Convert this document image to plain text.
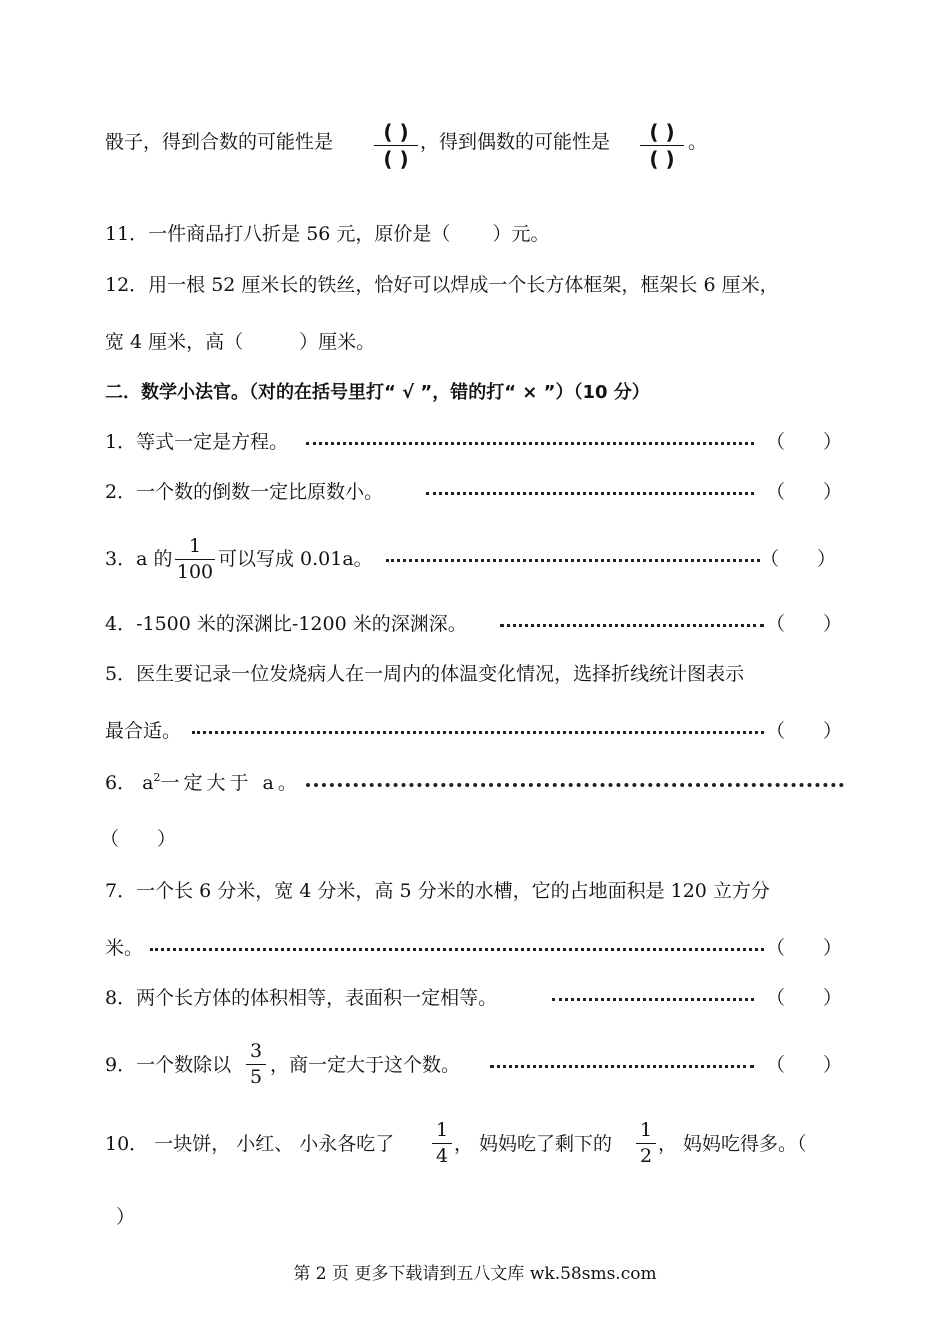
骰子，得到合数的可能性是	( )
( )
，得到偶数的可能性是	( )
( )
。
11．一件商品打八折是 56 元，原价是（ ）元。
12．用一根 52 厘米长的铁丝，恰好可以焊成一个长方体框架，框架长 6 厘米，
宽 4 厘米，高（	）厘米。
二．数学小法官。（对的在括号里打“ √ ”，错的打“ × ”）（10 分）
1．等式一定是方程。	（　　）
2．一个数的倒数一定比原数小。	（　　）
3．a 的
1
100
可以写成 0.01a。	（　　）
4．-1500 米的深渊比-1200 米的深渊深。	（　　）
5．医生要记录一位发烧病人在一周内的体温变化情况，选择折线统计图表示
最合适。	（　　）
6． $a^2$一定大于 a。
（　　）
7．一个长 6 分米，宽 4 分米，高 5 分米的水槽，它的占地面积是 120 立方分
米。	（　　）
8．两个长方体的体积相等，表面积一定相等。	（　　）
9．一个数除以
3
5
，商一定大于这个数。	（　　）
10． 一块饼， 小红、 小永各吃了
1
4
， 妈妈吃了剩下的
1
2
， 妈妈吃得多。（
）
第 2 页 更多下载请到五八文库 wk.58sms.com
